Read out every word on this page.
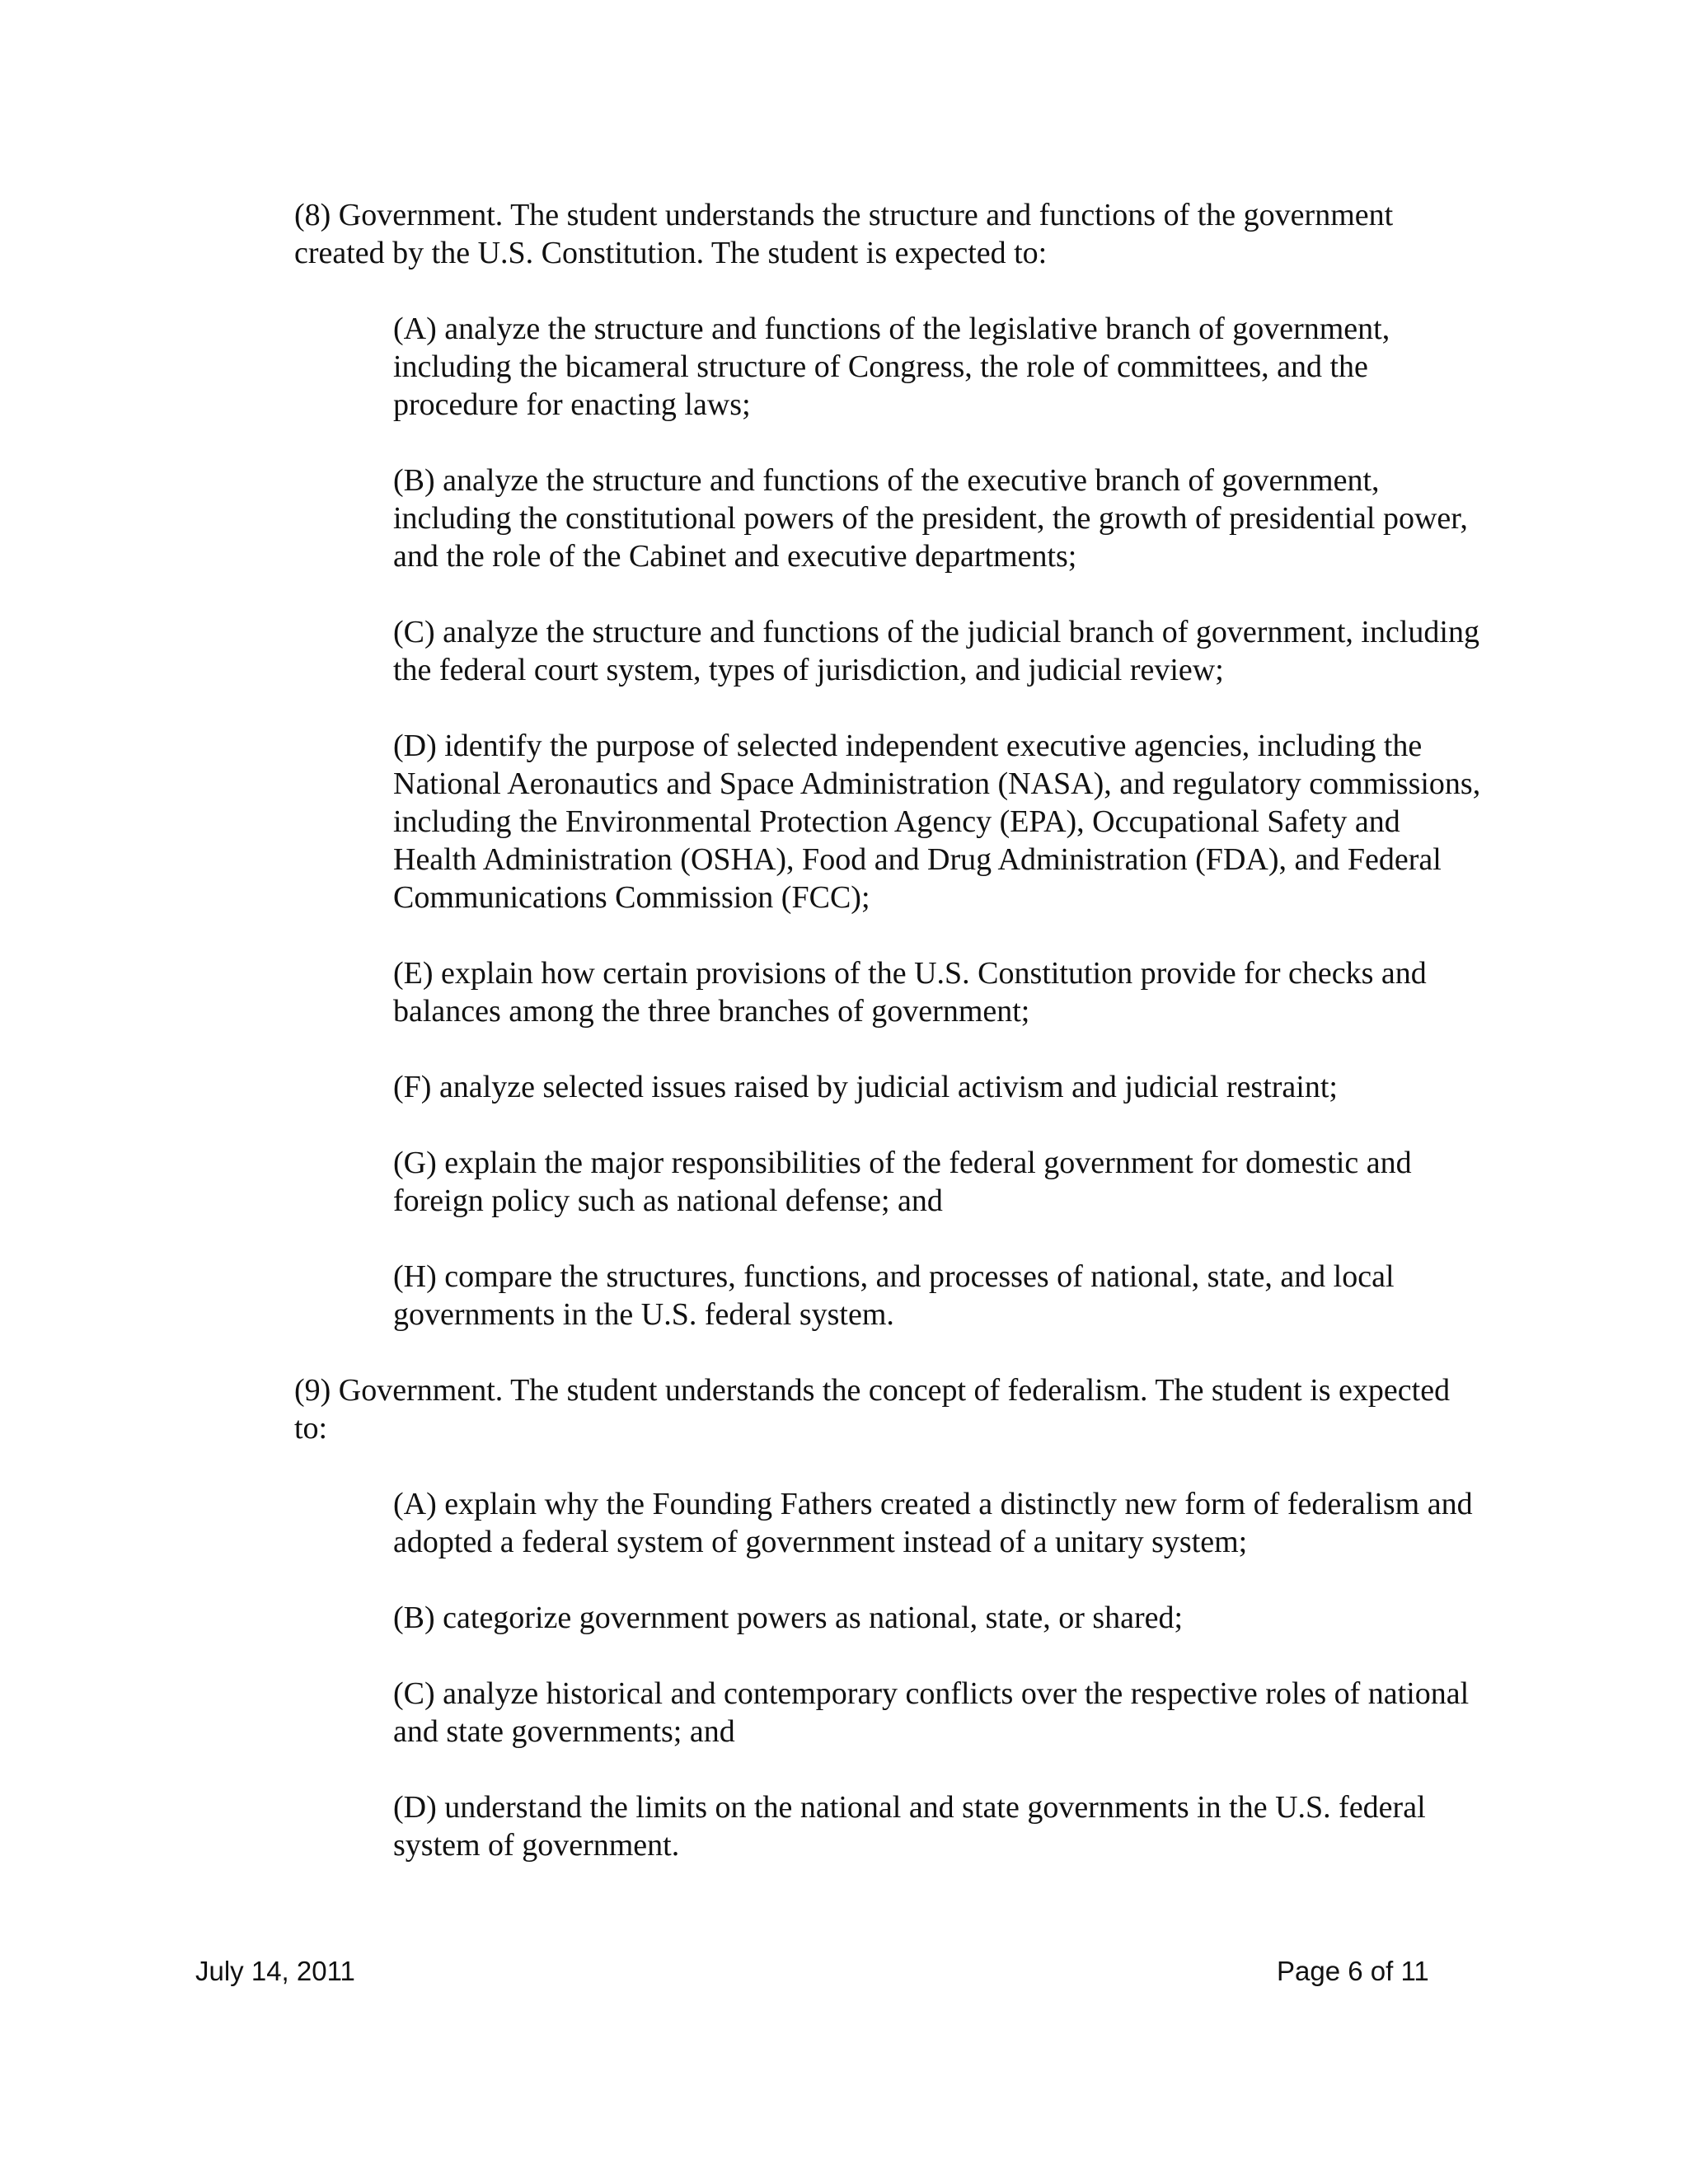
(8) Government. The student understands the structure and functions of the government created by the U.S. Constitution. The student is expected to:

(A) analyze the structure and functions of the legislative branch of government, including the bicameral structure of Congress, the role of committees, and the procedure for enacting laws;

(B) analyze the structure and functions of the executive branch of government, including the constitutional powers of the president, the growth of presidential power, and the role of the Cabinet and executive departments;

(C) analyze the structure and functions of the judicial branch of government, including the federal court system, types of jurisdiction, and judicial review;

(D) identify the purpose of selected independent executive agencies, including the National Aeronautics and Space Administration (NASA), and regulatory commissions, including the Environmental Protection Agency (EPA), Occupational Safety and Health Administration (OSHA), Food and Drug Administration (FDA), and Federal Communications Commission (FCC);

(E) explain how certain provisions of the U.S. Constitution provide for checks and balances among the three branches of government;

(F) analyze selected issues raised by judicial activism and judicial restraint;

(G) explain the major responsibilities of the federal government for domestic and foreign policy such as national defense; and

(H) compare the structures, functions, and processes of national, state, and local governments in the U.S. federal system.

(9) Government. The student understands the concept of federalism. The student is expected to:

(A) explain why the Founding Fathers created a distinctly new form of federalism and adopted a federal system of government instead of a unitary system;

(B) categorize government powers as national, state, or shared;

(C) analyze historical and contemporary conflicts over the respective roles of national and state governments; and

(D) understand the limits on the national and state governments in the U.S. federal system of government.

July 14, 2011	Page 6 of 11
